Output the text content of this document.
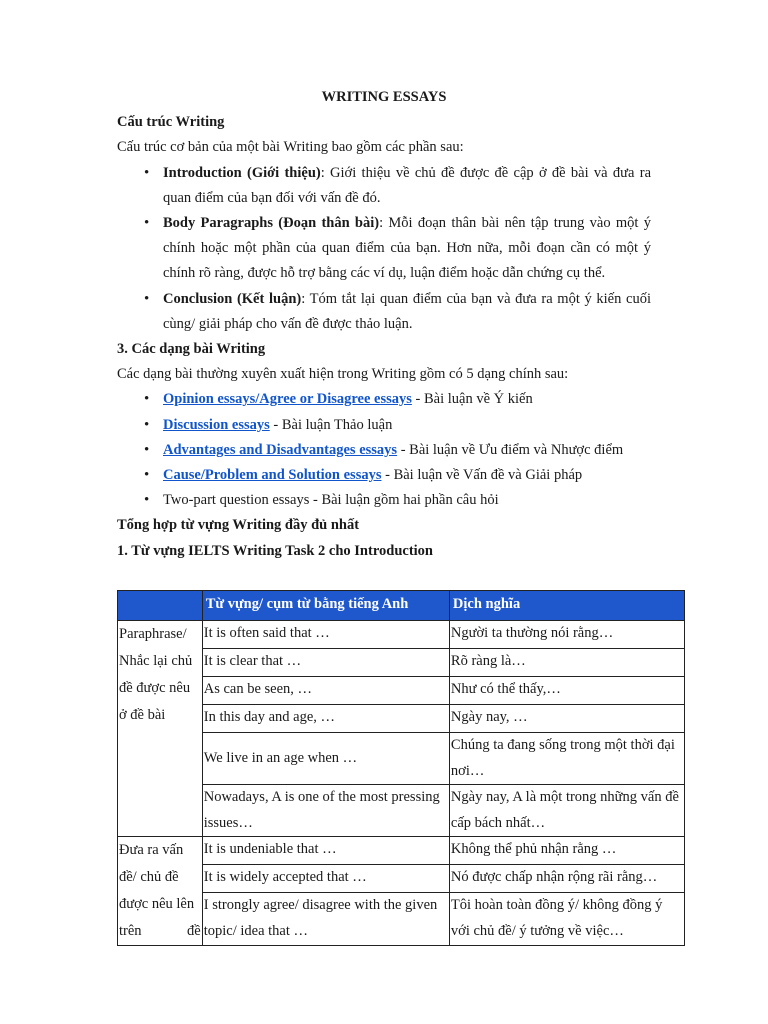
WRITING ESSAYS

Cấu trúc Writing

Cấu trúc cơ bản của một bài Writing bao gồm các phần sau:

• Introduction (Giới thiệu): Giới thiệu về chủ đề được đề cập ở đề bài và đưa ra quan điểm của bạn đối với vấn đề đó.
• Body Paragraphs (Đoạn thân bài): Mỗi đoạn thân bài nên tập trung vào một ý chính hoặc một phần của quan điểm của bạn. Hơn nữa, mỗi đoạn cần có một ý chính rõ ràng, được hỗ trợ bằng các ví dụ, luận điểm hoặc dẫn chứng cụ thể.
• Conclusion (Kết luận): Tóm tắt lại quan điểm của bạn và đưa ra một ý kiến cuối cùng/ giải pháp cho vấn đề được thảo luận.

3. Các dạng bài Writing

Các dạng bài thường xuyên xuất hiện trong Writing gồm có 5 dạng chính sau:

• Opinion essays/Agree or Disagree essays - Bài luận về Ý kiến
• Discussion essays - Bài luận Thảo luận
• Advantages and Disadvantages essays - Bài luận về Ưu điểm và Nhược điểm
• Cause/Problem and Solution essays - Bài luận về Vấn đề và Giải pháp
• Two-part question essays - Bài luận gồm hai phần câu hỏi

Tổng hợp từ vựng Writing đầy đủ nhất

1. Từ vựng IELTS Writing Task 2 cho Introduction

	Từ vựng/ cụm từ bằng tiếng Anh	Dịch nghĩa
Paraphrase/ Nhắc lại chủ đề được nêu ở đề bài	It is often said that …	Người ta thường nói rằng…
	It is clear that …	Rõ ràng là…
	As can be seen, …	Như có thể thấy,…
	In this day and age, …	Ngày nay, …
	We live in an age when …	Chúng ta đang sống trong một thời đại nơi…
	Nowadays, A is one of the most pressing issues…	Ngày nay, A là một trong những vấn đề cấp bách nhất…
Đưa ra vấn đề/ chủ đề được nêu lên trên đề	It is undeniable that …	Không thể phủ nhận rằng …
	It is widely accepted that …	Nó được chấp nhận rộng rãi rằng…
	I strongly agree/ disagree with the given topic/ idea that …	Tôi hoàn toàn đồng ý/ không đồng ý với chủ đề/ ý tưởng về việc…
